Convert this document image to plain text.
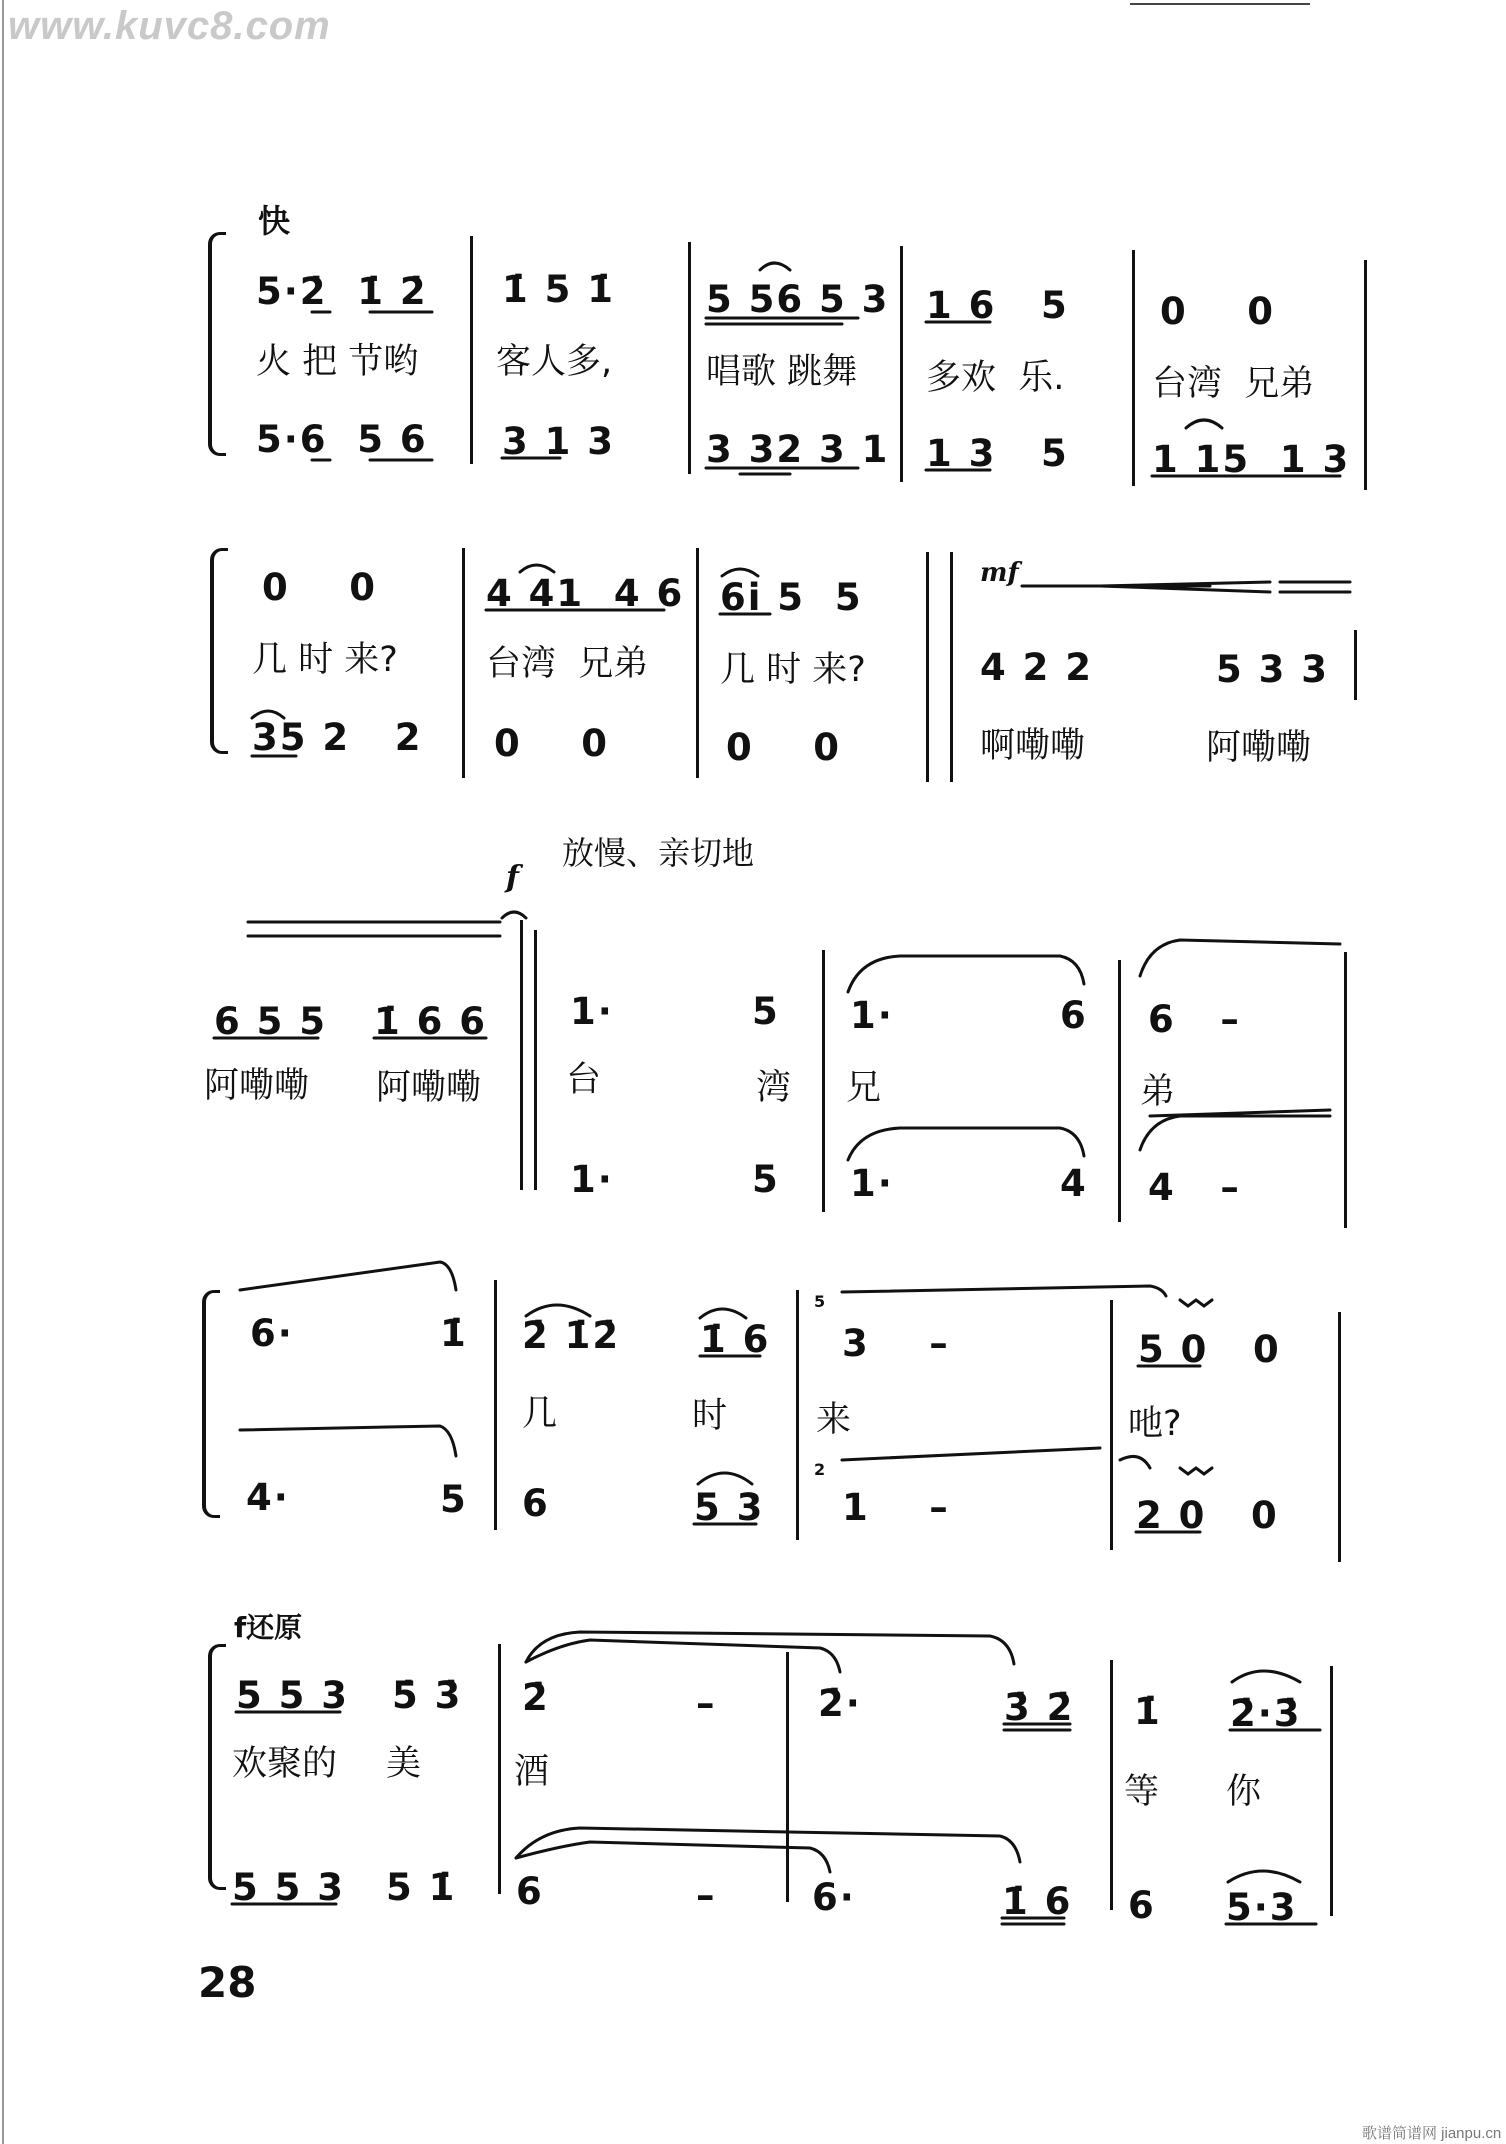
www.kuvc8.com
歌谱简谱网 jianpu.cn
快
5·2̇  1̇ 2̇ 1̇ 5 1̇ 5 56 5 3 1 6   5 0    0
火 把 节哟 客人多,	唱歌 跳舞 多欢  乐.	台湾  兄弟
5·6  5 6 3 1 3 3 32 3 1 1 3   5 1 15  1 3
0    0	4 41  4 6 6i 5  5
几 时 来?	台湾  兄弟 几 时 来?
35 2   2 0    0	0    0
mf
4 2 2	5 3 3
啊嘞嘞	阿嘞嘞
放慢、亲切地
f
6 5 5 1̇ 6 6
阿嘞嘞 阿嘞嘞
1·	5 1·	6 6   –
台	湾 兄	弟
1·	5 1·	4 4   –
6·	1̇ 2̇ 1̇2̇ 1̇ 6
5
3    –	5 0   0
几	时	来	吔?
4·	5 6	5 3
2
1    –	2 0   0
f还原
5 5 3 5̇ 3̇ 2̇	–	2̇·	3̇ 2̇ 1̇ 2̇·3̇
欢聚的 美	酒	等 你
5 5 3 5 1̇ 6	–	6·	1̇ 6 6 5·3
28
